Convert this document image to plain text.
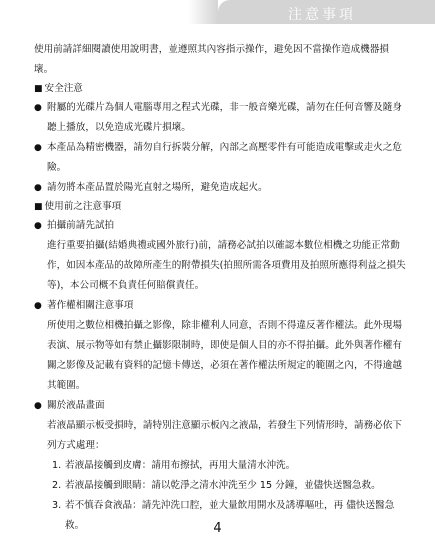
注意事項

使用前請詳細閱讀使用說明書，並遵照其內容指示操作，避免因不當操作造成機器損壞。

■ 安全注意

● 附屬的光碟片為個人電腦專用之程式光碟，非一般音樂光碟，請勿在任何音響及隨身聽上播放，以免造成光碟片損壞。

● 本產品為精密機器，請勿自行拆裝分解，內部之高壓零件有可能造成電擊或走火之危險。

● 請勿將本產品置於陽光直射之場所，避免造成起火。

■ 使用前之注意事項

● 拍攝前請先試拍

進行重要拍攝(結婚典禮或國外旅行)前，請務必試拍以確認本數位相機之功能正常動作，如因本產品的故障所產生的附帶損失(拍照所需各項費用及拍照所應得利益之損失等)，本公司概不負責任何賠償責任。

● 著作權相關注意事項

所使用之數位相機拍攝之影像，除非權利人同意，否則不得違反著作權法。此外現場表演、展示物等如有禁止攝影限制時，即使是個人目的亦不得拍攝。此外與著作權有關之影像及記載有資料的記憶卡傳送，必須在著作權法所規定的範圍之內，不得逾越其範圍。

● 關於液晶畫面

若液晶顯示板受損時，請特別注意顯示板內之液晶，若發生下列情形時，請務必依下列方式處理：

1. 若液晶接觸到皮膚：請用布擦拭，再用大量清水沖洗。

2. 若液晶接觸到眼睛：請以乾淨之清水沖洗至少 15 分鐘，並儘快送醫急救。

3. 若不慎吞食液晶：請先沖洗口腔，並大量飲用開水及誘導嘔吐，再 儘快送醫急救。	4
